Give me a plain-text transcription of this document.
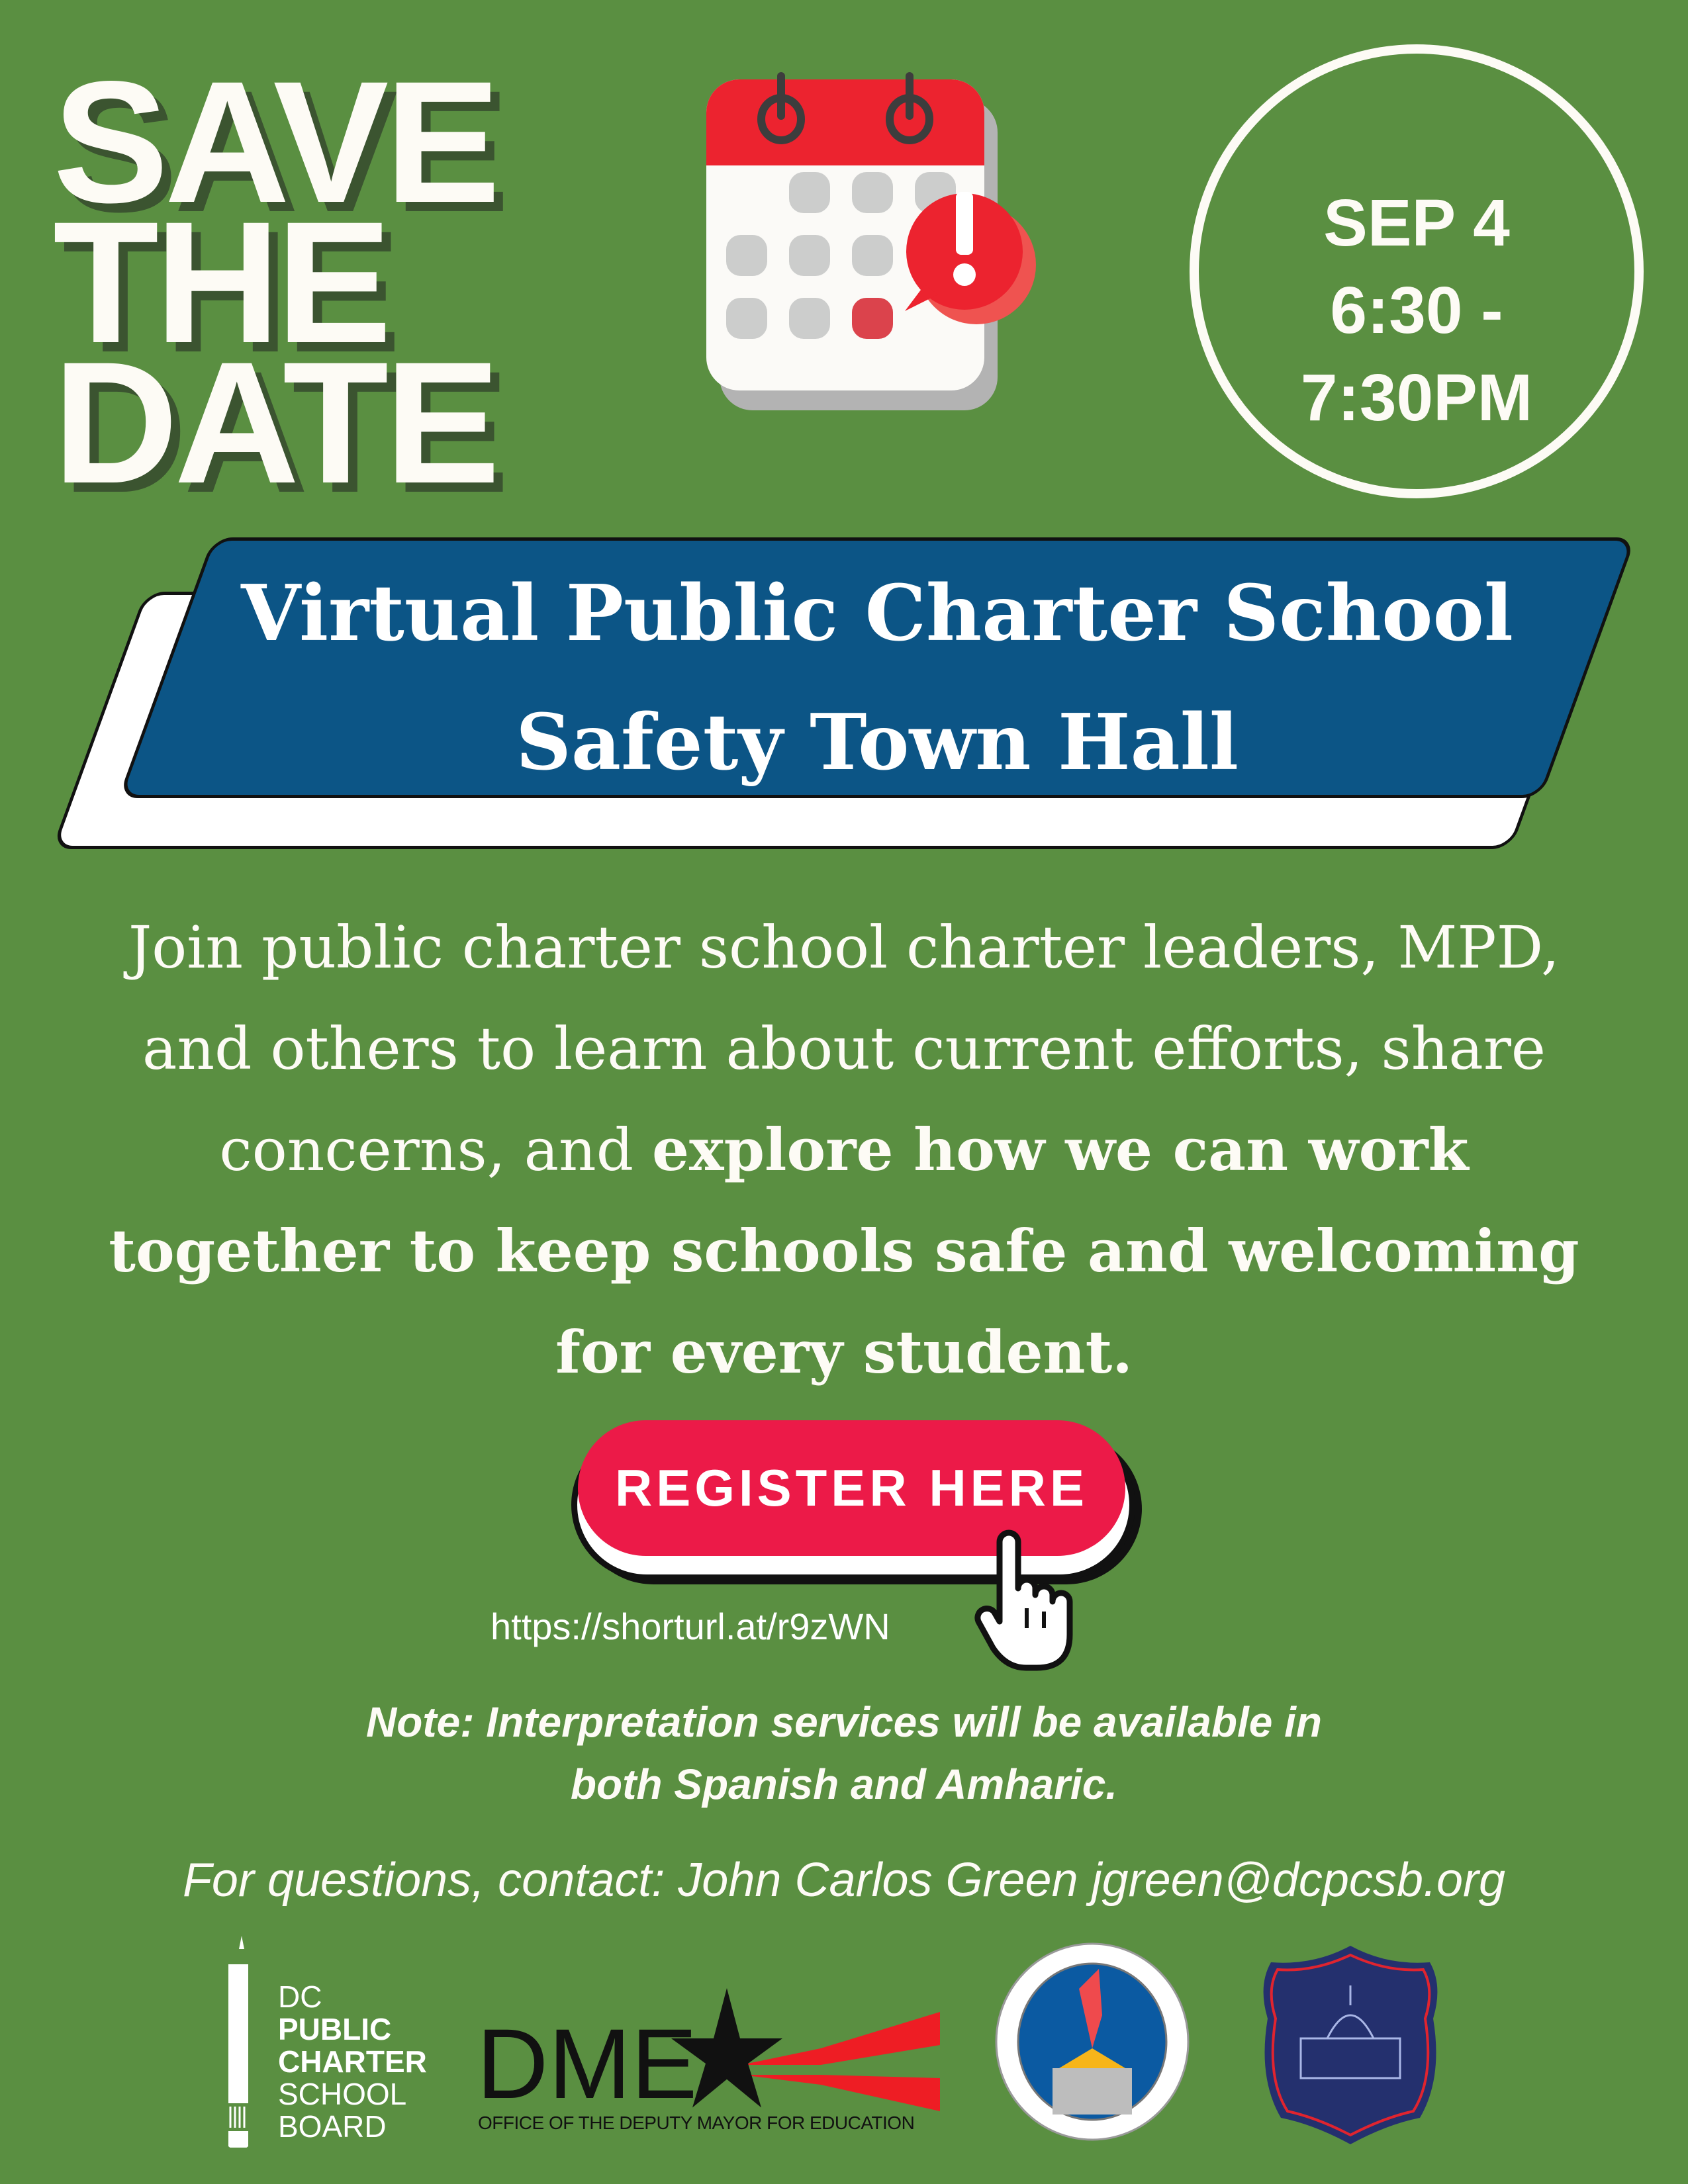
SAVE
THE
DATE
SEP 4
6:30 -
7:30PM
Virtual Public Charter School
Safety Town Hall

Join public charter school charter leaders, MPD, and others to learn about current efforts, share concerns, and explore how we can work together to keep schools safe and welcoming for every student.

REGISTER HERE
https://shorturl.at/r9zWN
Note: Interpretation services will be available in
both Spanish and Amharic.
For questions, contact: John Carlos Green jgreen@dcpcsb.org
DC
PUBLIC
CHARTER
SCHOOL
BOARD
DME
OFFICE OF THE DEPUTY MAYOR FOR EDUCATION
